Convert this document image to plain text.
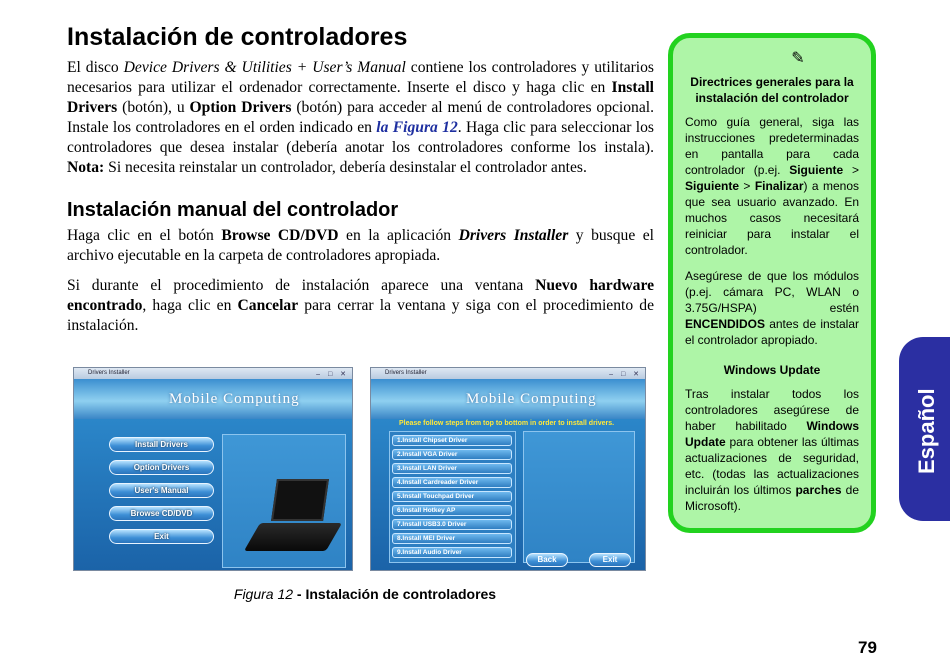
Instalación de controladores

El disco Device Drivers & Utilities + User’s Manual contiene los controladores y utilitarios necesarios para utilizar el ordenador correctamente. Inserte el disco y haga clic en Install Drivers (botón), u Option Drivers (botón) para acceder al menú de controladores opcional. Instale los controladores en el orden indicado en la Figura 12. Haga clic para seleccionar los controladores que desea instalar (debería anotar los controladores conforme los instala). Nota: Si necesita reinstalar un controlador, debería desinstalar el controlador antes.

Instalación manual del controlador

Haga clic en el botón Browse CD/DVD en la aplicación Drivers Installer y busque el archivo ejecutable en la carpeta de controladores apropiada.

Si durante el procedimiento de instalación aparece una ventana Nuevo hardware encontrado, haga clic en Cancelar para cerrar la ventana y siga con el procedimiento de instalación.

Drivers Installer	– □ ✕
Mobile Computing
Install Drivers
Option Drivers
User's Manual
Browse CD/DVD
Exit
Drivers Installer	– □ ✕
Mobile Computing
Please follow steps from top to bottom in order to install drivers.
1.Install Chipset Driver
2.Install VGA Driver
3.Install LAN Driver
4.Install Cardreader Driver
5.Install Touchpad Driver
6.Install Hotkey AP
7.Install USB3.0 Driver
8.Install MEI Driver
9.Install Audio Driver
Back	Exit
Figura 12 - Instalación de controladores
✎
Directrices generales para la instalación del controlador

Como guía general, siga las instrucciones predeterminadas en pantalla para cada controlador (p.ej. Siguiente > Siguiente > Finalizar) a menos que sea usuario avanzado. En muchos casos necesitará reiniciar para instalar el controlador.

Asegúrese de que los módulos (p.ej. cámara PC, WLAN o 3.75G/HSPA) estén ENCENDIDOS antes de instalar el controlador apropiado.

Windows Update

Tras instalar todos los controladores asegúrese de haber habilitado Windows Update para obtener las últimas actualizaciones de seguridad, etc. (todas las actualizaciones incluirán los últimos parches de Microsoft).

Español
79
